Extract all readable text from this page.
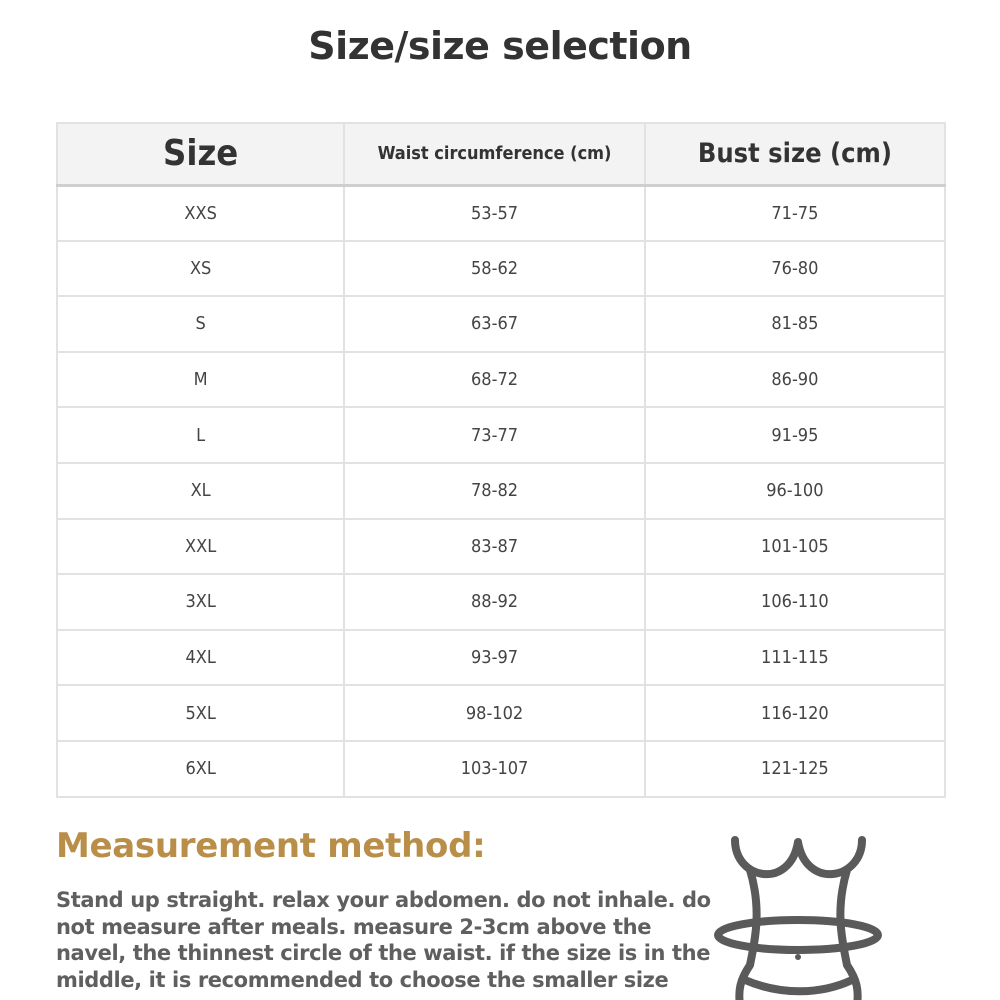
Size/size selection
Size	Waist circumference (cm)	Bust size (cm)
XXS	53-57	71-75
XS	58-62	76-80
S	63-67	81-85
M	68-72	86-90
L	73-77	91-95
XL	78-82	96-100
XXL	83-87	101-105
3XL	88-92	106-110
4XL	93-97	111-115
5XL	98-102	116-120
6XL	103-107	121-125
Measurement method:

Stand up straight. relax your abdomen. do not inhale. do not measure after meals. measure 2-3cm above the navel, the thinnest circle of the waist. if the size is in the middle, it is recommended to choose the smaller size
